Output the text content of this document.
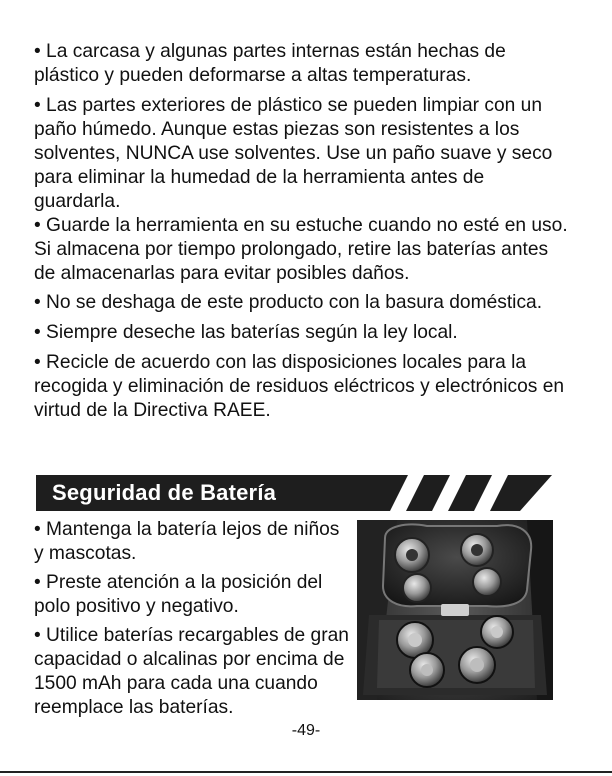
• La carcasa y algunas partes internas están hechas de plástico y pueden deformarse a altas temperaturas.

• Las partes exteriores de plástico se pueden limpiar con un paño húmedo. Aunque estas piezas son resistentes a los solventes, NUNCA use solventes. Use un paño suave y seco para eliminar la humedad de la herramienta antes de guardarla.

• Guarde la herramienta en su estuche cuando no esté en uso. Si almacena por tiempo prolongado, retire las baterías antes de almacenarlas para evitar posibles daños.

• No se deshaga de este producto con la basura doméstica.

• Siempre deseche las baterías según la ley local.

• Recicle de acuerdo con las disposiciones locales para la recogida y eliminación de residuos eléctricos y electrónicos en virtud de la Directiva RAEE.

Seguridad de Batería

• Mantenga la batería lejos de niños y mascotas.

• Preste atención a la posición del polo positivo y negativo.

• Utilice baterías recargables de gran capacidad o alcalinas por encima de 1500 mAh para cada una cuando reemplace las baterías.

-49-
